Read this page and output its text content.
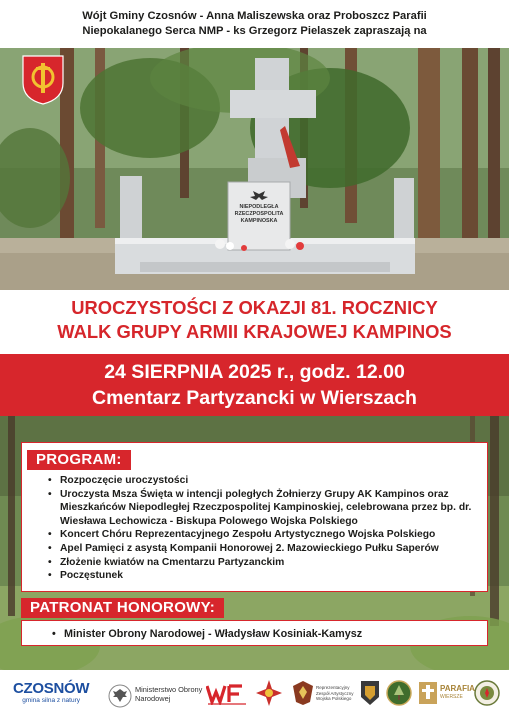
Wójt Gminy Czosnów - Anna Maliszewska oraz Proboszcz Parafii
Niepokalanego Serca NMP - ks Grzegorz Pielaszek zapraszają na
NIEPODLEGŁA
RZECZPOSPOLITA
KAMPINOSKA
UROCZYSTOŚCI Z OKAZJI 81. ROCZNICY
WALK GRUPY ARMII KRAJOWEJ KAMPINOS
24 SIERPNIA 2025 r., godz. 12.00
Cmentarz Partyzancki w Wierszach
PROGRAM:
• Rozpoczęcie uroczystości
• Uroczysta Msza Święta w intencji poległych Żołnierzy Grupy AK Kampinos oraz Mieszkańców Niepodległej Rzeczpospolitej Kampinoskiej, celebrowana przez bp. dr. Wiesława Lechowicza - Biskupa Polowego Wojska Polskiego
• Koncert Chóru Reprezentacyjnego Zespołu Artystycznego Wojska Polskiego
• Apel Pamięci z asystą Kompanii Honorowej 2. Mazowieckiego Pułku Saperów
• Złożenie kwiatów na Cmentarzu Partyzanckim
• Poczęstunek
PATRONAT HONOROWY:
• Minister Obrony Narodowej - Władysław Kosiniak-Kamysz
CZOSNÓW
gmina silna z natury
Ministerstwo Obrony Narodowej
Reprezentacyjny Zespół Artystyczny Wojska Polskiego
PARAFIA
WIERSZE
